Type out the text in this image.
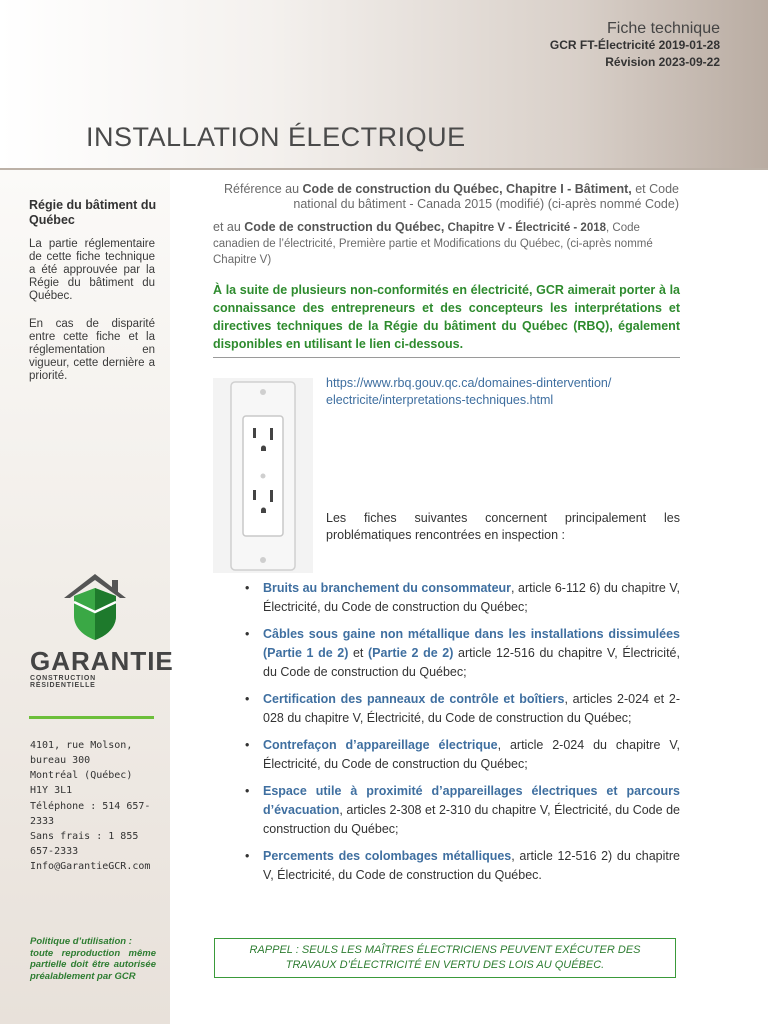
Fiche technique
GCR FT-Électricité 2019-01-28
Révision 2023-09-22
INSTALLATION ÉLECTRIQUE
Régie du bâtiment du Québec
La partie réglementaire de cette fiche technique a été approuvée par la Régie du bâtiment du Québec.
En cas de disparité entre cette fiche et la réglementation en vigueur, cette dernière a priorité.
GARANTIE
CONSTRUCTION RÉSIDENTIELLE
4101, rue Molson, bureau 300
Montréal (Québec)
H1Y 3L1
Téléphone : 514 657-2333
Sans frais : 1 855 657-2333
Info@GarantieGCR.com
Politique d’utilisation :
toute reproduction même partielle doit être autorisée préalablement par GCR
Référence au Code de construction du Québec, Chapitre I - Bâtiment, et Code national du bâtiment - Canada 2015 (modifié) (ci-après nommé Code)
et au Code de construction du Québec, Chapitre V - Électricité - 2018, Code canadien de l’électricité, Première partie et Modifications du Québec, (ci-après nommé Chapitre V)
À la suite de plusieurs non-conformités en électricité, GCR aimerait porter à la connaissance des entrepreneurs et des concepteurs les interprétations et directives techniques de la Régie du bâtiment du Québec (RBQ), également disponibles en utilisant le lien ci-dessous.
https://www.rbq.gouv.qc.ca/domaines-dintervention/
electricite/interpretations-techniques.html
Les fiches suivantes concernent principalement les problématiques rencontrées en inspection :
• Bruits au branchement du consommateur, article 6-112 6) du chapitre V, Électricité, du Code de construction du Québec;
• Câbles sous gaine non métallique dans les installations dissimulées (Partie 1 de 2) et (Partie 2 de 2) article 12-516 du chapitre V, Électricité, du Code de construction du Québec;
• Certification des panneaux de contrôle et boîtiers, articles 2-024 et 2-028 du chapitre V, Électricité, du Code de construction du Québec;
• Contrefaçon d’appareillage électrique, article 2-024 du chapitre V, Électricité, du Code de construction du Québec;
• Espace utile à proximité d’appareillages électriques et parcours d’évacuation, articles 2-308 et 2-310 du chapitre V, Électricité, du Code de construction du Québec;
• Percements des colombages métalliques, article 12-516 2) du chapitre V, Électricité, du Code de construction du Québec.
RAPPEL : SEULS LES MAÎTRES ÉLECTRICIENS PEUVENT EXÉCUTER DES
TRAVAUX D’ÉLECTRICITÉ EN VERTU DES LOIS AU QUÉBEC.
